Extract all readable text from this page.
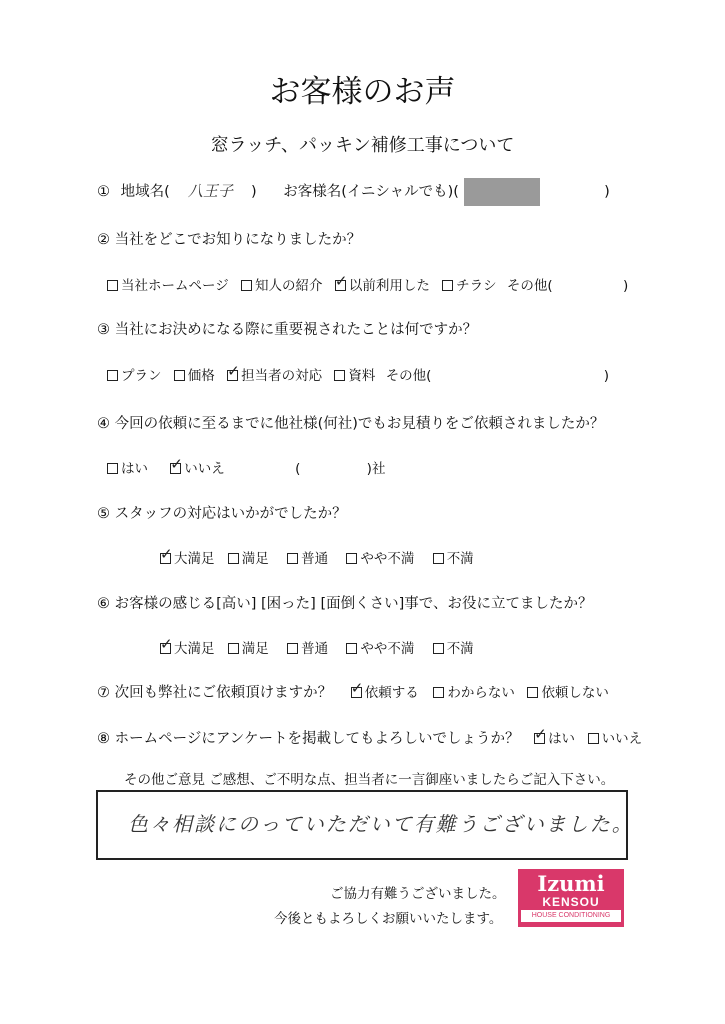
お客様のお声
窓ラッチ、パッキン補修工事について
① 地域名( 八王子 ) お客様名(イニシャルでも)(	)
② 当社をどこでお知りになりましたか？
当社ホームページ 知人の紹介 ✓ 以前利用した チラシ その他(	)
③ 当社にお決めになる際に重要視されたことは何ですか？
プラン 価格 ✓ 担当者の対応 資料 その他(	)
④ 今回の依頼に至るまでに他社様(何社)でもお見積りをご依頼されましたか？
はい ✓	いいえ	(	)社
⑤ スタッフの対応はいかがでしたか？
✓大満足 満足 普通 やや不満 不満
⑥ お客様の感じる[高い] [困った] [面倒くさい]事で、お役に立てましたか？
✓大満足 満足 普通 やや不満 不満
⑦ 次回も弊社にご依頼頂けますか？ ✓ 依頼する わからない 依頼しない
⑧ ホームページにアンケートを掲載してもよろしいでしょうか？ ✓ はい いいえ
その他ご意見 ご感想、ご不明な点、担当者に一言御座いましたらご記入下さい。
色々相談にのっていただいて有難うございました。
ご協力有難うございました。
今後ともよろしくお願いいたします。
Izumi
KENSOU
HOUSE CONDITIONING
